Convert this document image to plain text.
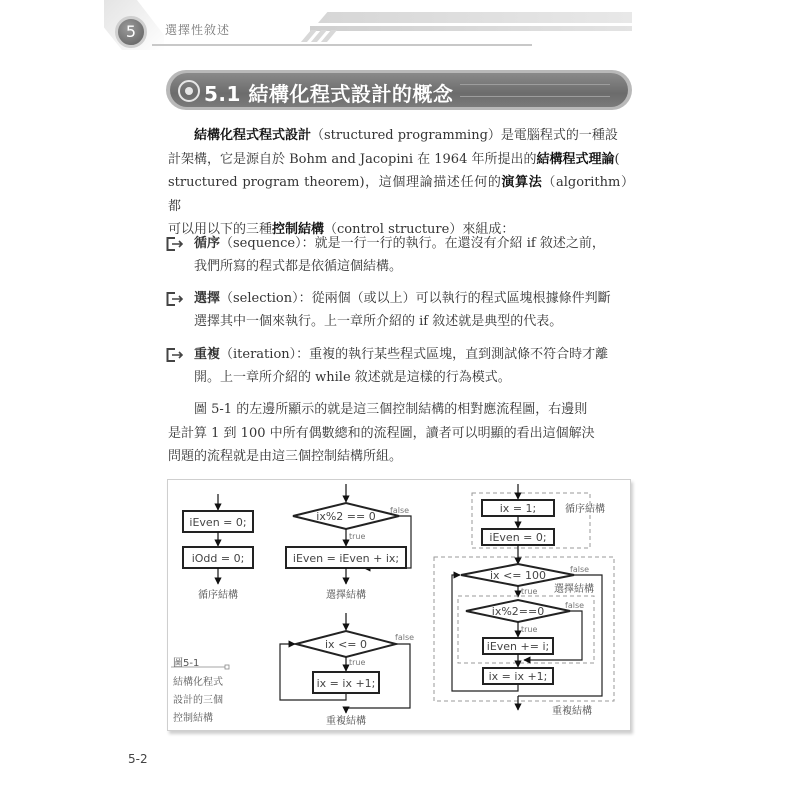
5	選擇性敘述
5.1 結構化程式設計的概念
結構化程式程式設計（structured programming）是電腦程式的一種設
計架構，它是源自於 Bohm and Jacopini 在 1964 年所提出的結構程式理論(
structured program theorem)，這個理論描述任何的演算法（algorithm）都
可以用以下的三種控制結構（control structure）來組成：
循序（sequence）：就是一行一行的執行。在還沒有介紹 if 敘述之前，
我們所寫的程式都是依循這個結構。
選擇（selection）：從兩個（或以上）可以執行的程式區塊根據條件判斷
選擇其中一個來執行。上一章所介紹的 if 敘述就是典型的代表。
重複（iteration）：重複的執行某些程式區塊，直到測試條不符合時才離
開。上一章所介紹的 while 敘述就是這樣的行為模式。
圖 5-1 的左邊所顯示的就是這三個控制結構的相對應流程圖，右邊則
是計算 1 到 100 中所有偶數總和的流程圖，讀者可以明顯的看出這個解決
問題的流程就是由這三個控制結構所組。
iEven = 0;
iOdd = 0;
循序結構
ix%2 == 0 false
true
iEven = iEven + ix;
選擇結構
ix <= 0
false
true
ix = ix +1;
重複結構
ix = 1;
iEven = 0;
循序結構
ix <= 100	false
true 選擇結構
ix%2==0	false
true
iEven += i;
ix = ix +1;
重複結構
圖5-1
結構化程式
設計的三個
控制結構
5-2
